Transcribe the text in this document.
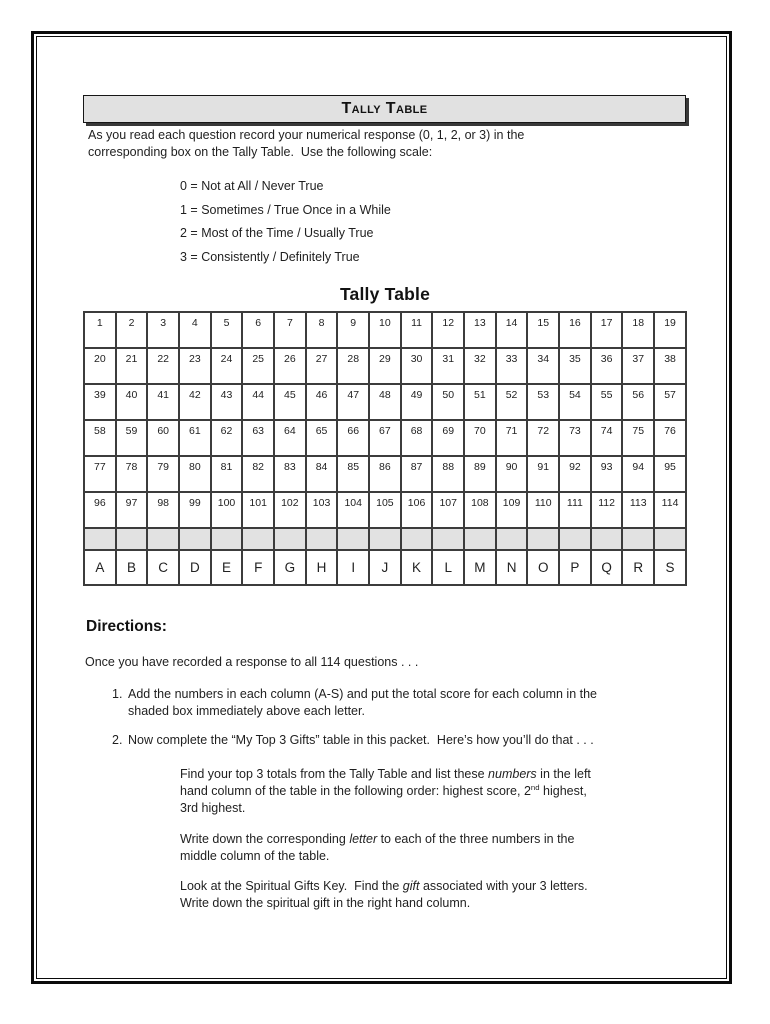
Tally Table
As you read each question record your numerical response (0, 1, 2, or 3) in the
corresponding box on the Tally Table.  Use the following scale:
0 = Not at All / Never True
1 = Sometimes / True Once in a While
2 = Most of the Time / Usually True
3 = Consistently / Definitely True
Tally Table
1	2	3	4	5	6	7	8	9	10	11	12	13	14	15	16	17	18	19
20	21	22	23	24	25	26	27	28	29	30	31	32	33	34	35	36	37	38
39	40	41	42	43	44	45	46	47	48	49	50	51	52	53	54	55	56	57
58	59	60	61	62	63	64	65	66	67	68	69	70	71	72	73	74	75	76
77	78	79	80	81	82	83	84	85	86	87	88	89	90	91	92	93	94	95
96	97	98	99	100	101	102	103	104	105	106	107	108	109	110	111	112	113	114

A	B	C	D	E	F	G	H	I	J	K	L	M	N	O	P	Q	R	S
Directions:
Once you have recorded a response to all 114 questions . . .
1. Add the numbers in each column (A-S) and put the total score for each column in the
shaded box immediately above each letter.
2. Now complete the “My Top 3 Gifts” table in this packet.  Here’s how you’ll do that . . .
Find your top 3 totals from the Tally Table and list these numbers in the left
hand column of the table in the following order: highest score, 2nd highest,
3rd highest.
Write down the corresponding letter to each of the three numbers in the
middle column of the table.
Look at the Spiritual Gifts Key.  Find the gift associated with your 3 letters.
Write down the spiritual gift in the right hand column.
